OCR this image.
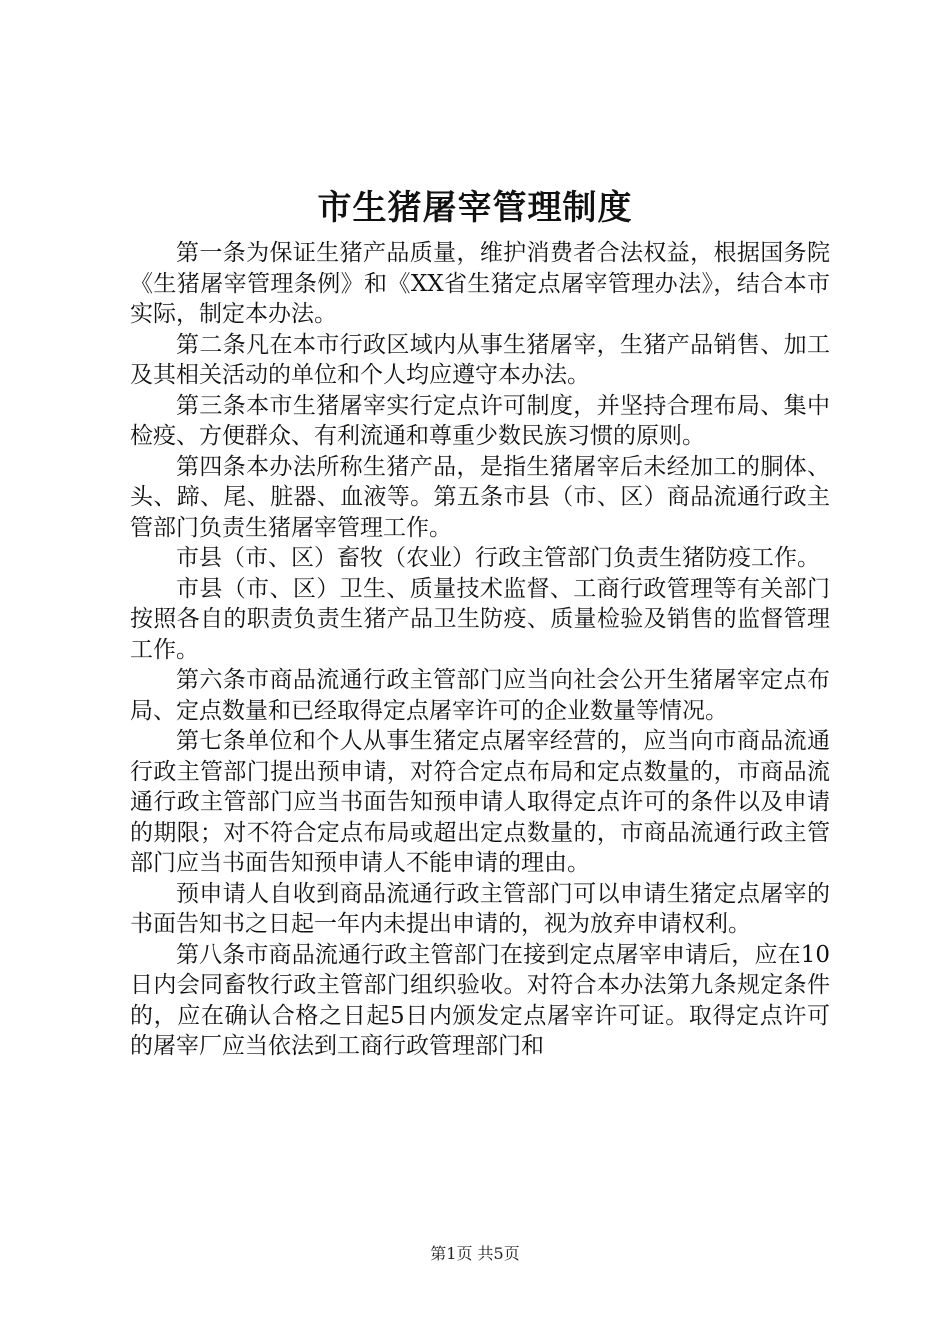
市生猪屠宰管理制度

第一条为保证生猪产品质量，维护消费者合法权益，根据国务院《生猪屠宰管理条例》和《XX省生猪定点屠宰管理办法》，结合本市实际，制定本办法。

第二条凡在本市行政区域内从事生猪屠宰，生猪产品销售、加工及其相关活动的单位和个人均应遵守本办法。

第三条本市生猪屠宰实行定点许可制度，并坚持合理布局、集中检疫、方便群众、有利流通和尊重少数民族习惯的原则。

第四条本办法所称生猪产品，是指生猪屠宰后未经加工的胴体、头、蹄、尾、脏器、血液等。第五条市县（市、区）商品流通行政主管部门负责生猪屠宰管理工作。

市县（市、区）畜牧（农业）行政主管部门负责生猪防疫工作。

市县（市、区）卫生、质量技术监督、工商行政管理等有关部门按照各自的职责负责生猪产品卫生防疫、质量检验及销售的监督管理工作。

第六条市商品流通行政主管部门应当向社会公开生猪屠宰定点布局、定点数量和已经取得定点屠宰许可的企业数量等情况。

第七条单位和个人从事生猪定点屠宰经营的，应当向市商品流通行政主管部门提出预申请，对符合定点布局和定点数量的，市商品流通行政主管部门应当书面告知预申请人取得定点许可的条件以及申请的期限；对不符合定点布局或超出定点数量的，市商品流通行政主管部门应当书面告知预申请人不能申请的理由。

预申请人自收到商品流通行政主管部门可以申请生猪定点屠宰的书面告知书之日起一年内未提出申请的，视为放弃申请权利。

第八条市商品流通行政主管部门在接到定点屠宰申请后，应在10日内会同畜牧行政主管部门组织验收。对符合本办法第九条规定条件的，应在确认合格之日起5日内颁发定点屠宰许可证。取得定点许可的屠宰厂应当依法到工商行政管理部门和

第1页 共5页
